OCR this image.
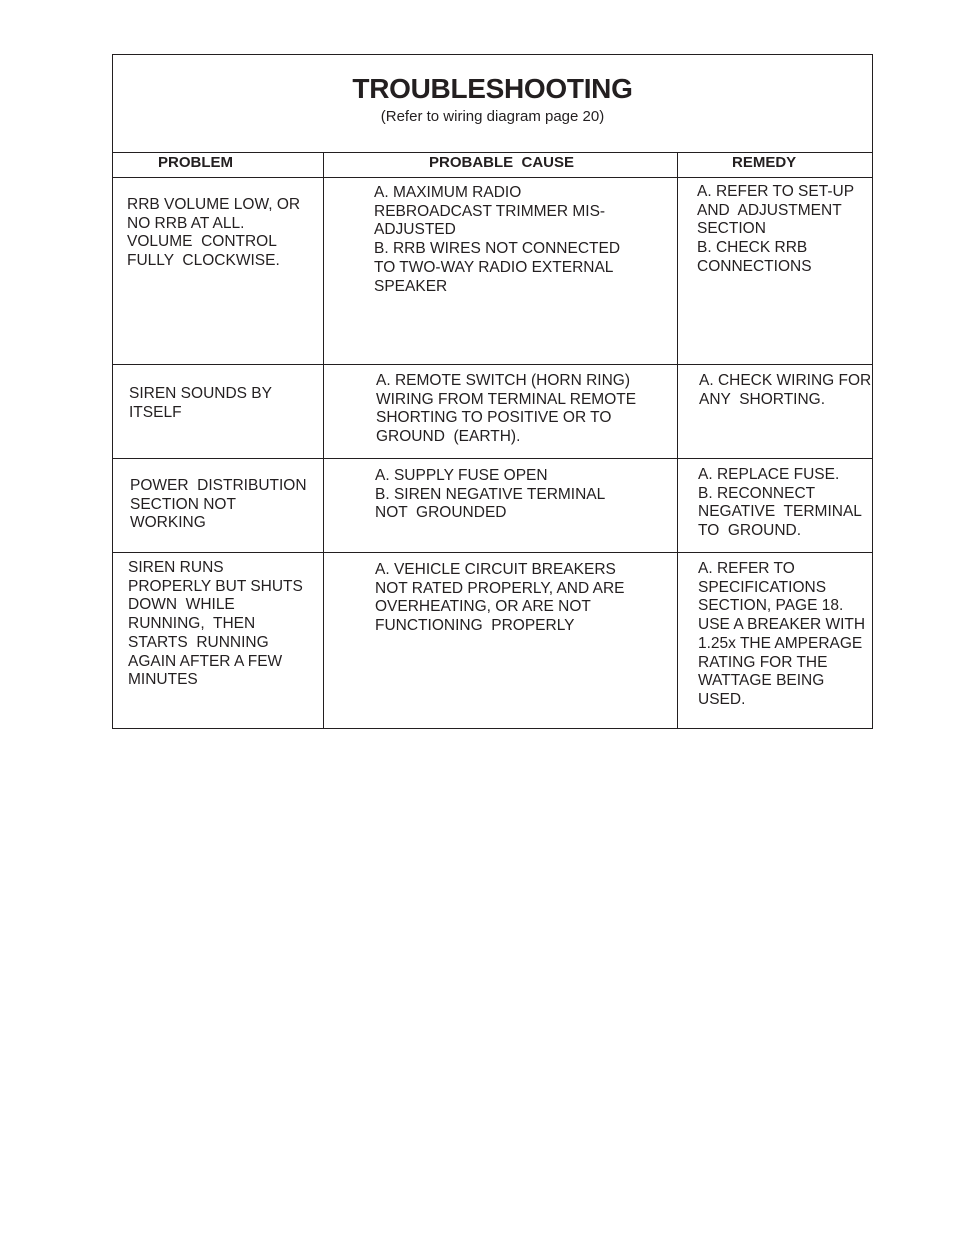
TROUBLESHOOTING
(Refer to wiring diagram page 20)
PROBLEM	PROBABLE  CAUSE	REMEDY
RRB VOLUME LOW, OR
NO RRB AT ALL.
VOLUME  CONTROL
FULLY  CLOCKWISE.
A. MAXIMUM RADIO
REBROADCAST TRIMMER MIS-
ADJUSTED
B. RRB WIRES NOT CONNECTED
TO TWO-WAY RADIO EXTERNAL
SPEAKER
A. REFER TO SET-UP
AND  ADJUSTMENT
SECTION
B. CHECK RRB
CONNECTIONS
SIREN SOUNDS BY
ITSELF
A. REMOTE SWITCH (HORN RING)
WIRING FROM TERMINAL REMOTE
SHORTING TO POSITIVE OR TO
GROUND  (EARTH).
A. CHECK WIRING FOR
ANY  SHORTING.
POWER  DISTRIBUTION
SECTION NOT
WORKING
A. SUPPLY FUSE OPEN
B. SIREN NEGATIVE TERMINAL
NOT  GROUNDED
A. REPLACE FUSE.
B. RECONNECT
NEGATIVE  TERMINAL
TO  GROUND.
SIREN RUNS
PROPERLY BUT SHUTS
DOWN  WHILE
RUNNING,  THEN
STARTS  RUNNING
AGAIN AFTER A FEW
MINUTES
A. VEHICLE CIRCUIT BREAKERS
NOT RATED PROPERLY, AND ARE
OVERHEATING, OR ARE NOT
FUNCTIONING  PROPERLY
A. REFER TO
SPECIFICATIONS
SECTION, PAGE 18.
USE A BREAKER WITH
1.25x THE AMPERAGE
RATING FOR THE
WATTAGE BEING
USED.
